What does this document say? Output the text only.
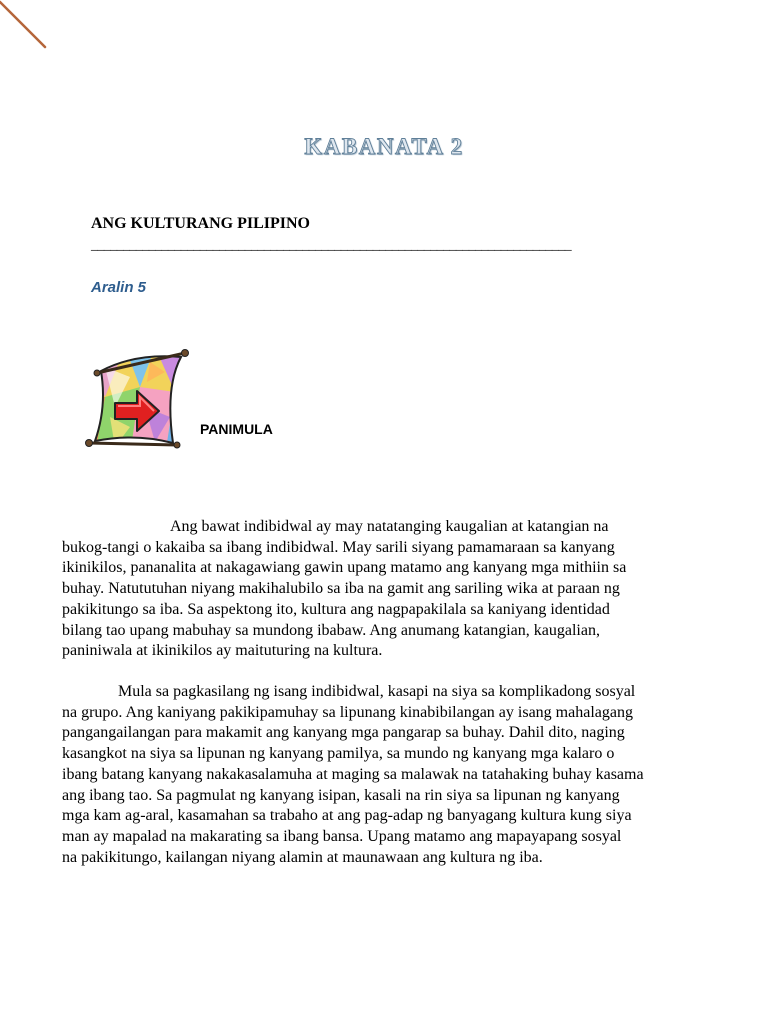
KABANATA 2
ANG KULTURANG PILIPINO
___________________________________________________________________________
Aralin 5
PANIMULA

Ang bawat indibidwal ay may natatanging kaugalian at katangian na
bukog-tangi o kakaiba sa ibang indibidwal. May sarili siyang pamamaraan sa kanyang
ikinikilos, pananalita at nakagawiang gawin upang matamo ang kanyang mga mithiin sa
buhay. Natututuhan niyang makihalubilo sa iba na gamit ang sariling wika at paraan ng
pakikitungo sa iba. Sa aspektong ito, kultura ang nagpapakilala sa kaniyang identidad
bilang tao upang mabuhay sa mundong ibabaw. Ang anumang katangian, kaugalian,
paniniwala at ikinikilos ay maituturing na kultura.

Mula sa pagkasilang ng isang indibidwal, kasapi na siya sa komplikadong sosyal
na grupo. Ang kaniyang pakikipamuhay sa lipunang kinabibilangan ay isang mahalagang
pangangailangan para makamit ang kanyang mga pangarap sa buhay. Dahil dito, naging
kasangkot na siya sa lipunan ng kanyang pamilya, sa mundo ng kanyang mga kalaro o
ibang batang kanyang nakakasalamuha at maging sa malawak na tatahaking buhay kasama
ang ibang tao. Sa pagmulat ng kanyang isipan, kasali na rin siya sa lipunan ng kanyang
mga kam ag-aral, kasamahan sa trabaho at ang pag-adap ng banyagang kultura kung siya
man ay mapalad na makarating sa ibang bansa. Upang matamo ang mapayapang sosyal
na pakikitungo, kailangan niyang alamin at maunawaan ang kultura ng iba.
